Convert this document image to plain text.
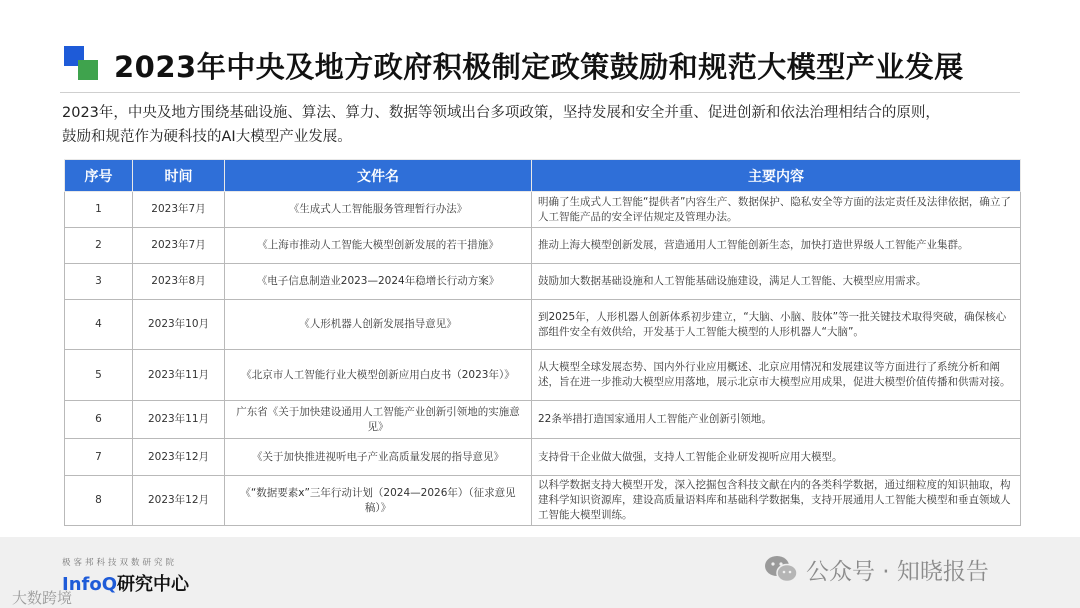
2023年中央及地方政府积极制定政策鼓励和规范大模型产业发展
2023年，中央及地方围绕基础设施、算法、算力、数据等领域出台多项政策，坚持发展和安全并重、促进创新和依法治理相结合的原则，
鼓励和规范作为硬科技的AI大模型产业发展。
序号	时间	文件名	主要内容
1	2023年7月	《生成式人工智能服务管理暂行办法》	明确了生成式人工智能“提供者”内容生产、数据保护、隐私安全等方面的法定责任及法律依据，确立了人工智能产品的安全评估规定及管理办法。
2	2023年7月	《上海市推动人工智能大模型创新发展的若干措施》	推动上海大模型创新发展，营造通用人工智能创新生态，加快打造世界级人工智能产业集群。
3	2023年8月	《电子信息制造业2023—2024年稳增长行动方案》	鼓励加大数据基础设施和人工智能基础设施建设，满足人工智能、大模型应用需求。
4	2023年10月	《人形机器人创新发展指导意见》	到2025年，人形机器人创新体系初步建立，“大脑、小脑、肢体”等一批关键技术取得突破，确保核心部组件安全有效供给，开发基于人工智能大模型的人形机器人“大脑”。
5	2023年11月	《北京市人工智能行业大模型创新应用白皮书（2023年）》	从大模型全球发展态势、国内外行业应用概述、北京应用情况和发展建议等方面进行了系统分析和阐述，旨在进一步推动大模型应用落地，展示北京市大模型应用成果，促进大模型价值传播和供需对接。
6	2023年11月	广东省《关于加快建设通用人工智能产业创新引领地的实施意见》	22条举措打造国家通用人工智能产业创新引领地。
7	2023年12月	《关于加快推进视听电子产业高质量发展的指导意见》	支持骨干企业做大做强，支持人工智能企业研发视听应用大模型。
8	2023年12月	《“数据要素x”三年行动计划（2024—2026年）（征求意见稿）》	以科学数据支持大模型开发，深入挖掘包含科技文献在内的各类科学数据，通过细粒度的知识抽取，构建科学知识资源库，建设高质量语料库和基础科学数据集，支持开展通用人工智能大模型和垂直领域人工智能大模型训练。
极客邦科技双数研究院
InfoQ研究中心
大数跨境
公众号 · 知晓报告
